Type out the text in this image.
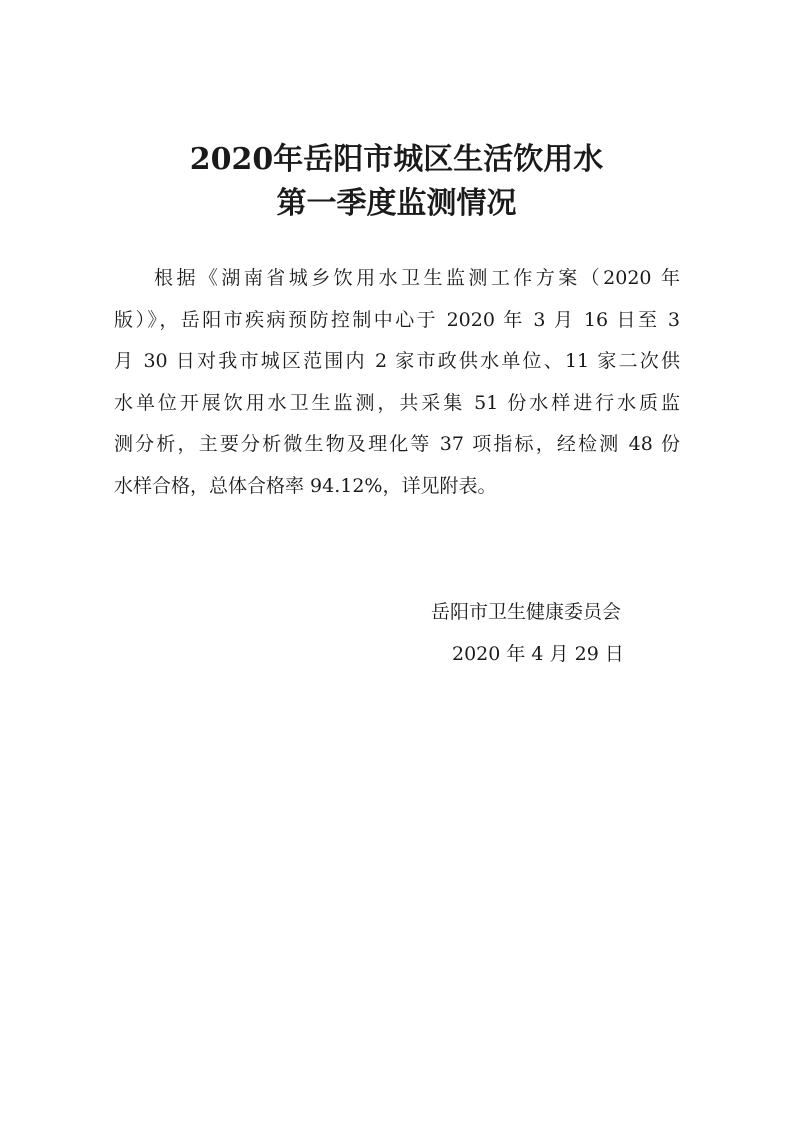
2020年岳阳市城区生活饮用水
第一季度监测情况

根据《湖南省城乡饮用水卫生监测工作方案（2020 年
版）》，岳阳市疾病预防控制中心于 2020 年 3 月 16 日至 3
月 30 日对我市城区范围内 2 家市政供水单位、11 家二次供
水单位开展饮用水卫生监测，共采集 51 份水样进行水质监
测分析，主要分析微生物及理化等 37 项指标，经检测 48 份
水样合格，总体合格率 94.12%，详见附表。

岳阳市卫生健康委员会

2020 年 4 月 29 日
